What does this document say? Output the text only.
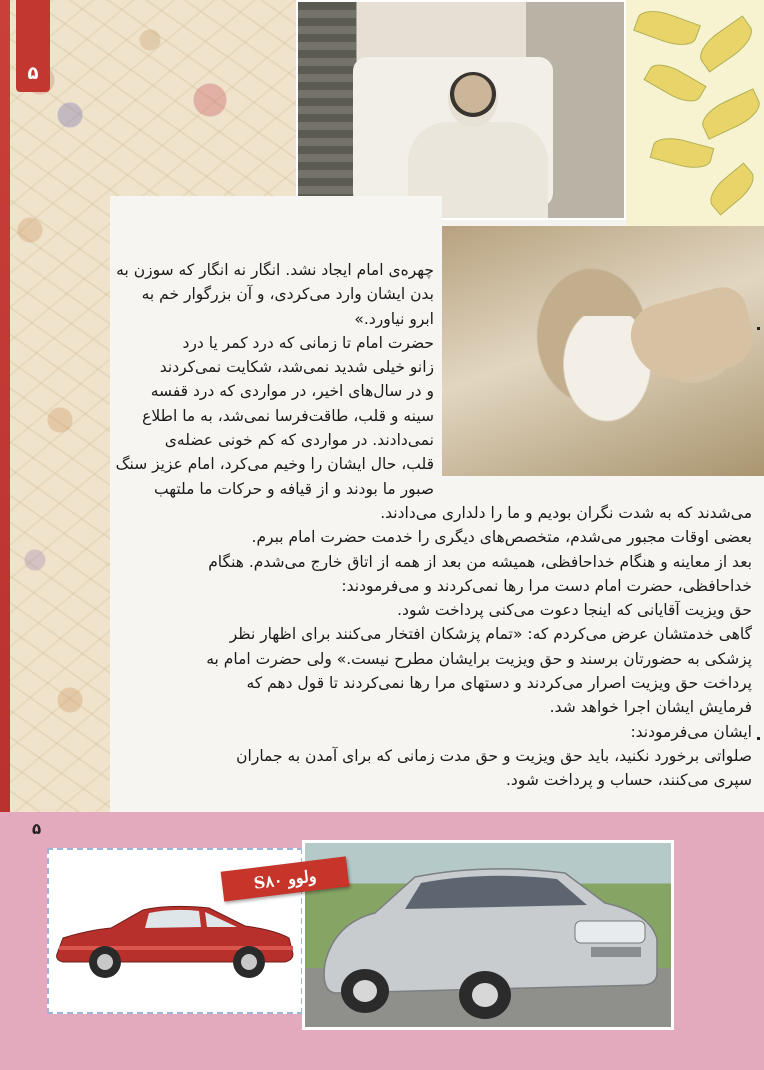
۵

چهره‌ی امام ایجاد نشد. انگار نه انگار که سوزن به
بدن ایشان وارد می‌کردی، و آن بزرگوار خم به
ابرو نیاورد.»
حضرت امام تا زمانی که درد کمر یا درد
زانو خیلی شدید نمی‌شد، شکایت نمی‌کردند
و در سال‌های اخیر، در مواردی که درد قفسه
سینه و قلب، طاقت‌فرسا نمی‌شد، به ما اطلاع
نمی‌دادند. در مواردی که کم خونی عضله‌ی
قلب، حال ایشان را وخیم می‌کرد، امام عزیز سنگ
صبور ما بودند و از قیافه و حرکات ما ملتهب

می‌شدند که به شدت نگران بودیم و ما را دلداری می‌دادند.
بعضی اوقات مجبور می‌شدم، متخصص‌های دیگری را خدمت حضرت امام ببرم.
بعد از معاینه و هنگام خداحافظی، همیشه من بعد از همه از اتاق خارج می‌شدم. هنگام
خداحافظی، حضرت امام دست مرا رها نمی‌کردند و می‌فرمودند:
حق ویزیت آقایانی که اینجا دعوت می‌کنی پرداخت شود.
گاهی خدمتشان عرض می‌کردم که: «تمام پزشکان افتخار می‌کنند برای اظهار نظر
پزشکی به حضورتان برسند و حق ویزیت برایشان مطرح نیست.» ولی حضرت امام به
پرداخت حق ویزیت اصرار می‌کردند و دستهای مرا رها نمی‌کردند تا قول دهم که
فرمایش ایشان اجرا خواهد شد.
ایشان می‌فرمودند:
صلواتی برخورد نکنید، باید حق ویزیت و حق مدت زمانی که برای آمدن به جماران
سپری می‌کنند، حساب و پرداخت شود.

۵
ولوو S۸۰
